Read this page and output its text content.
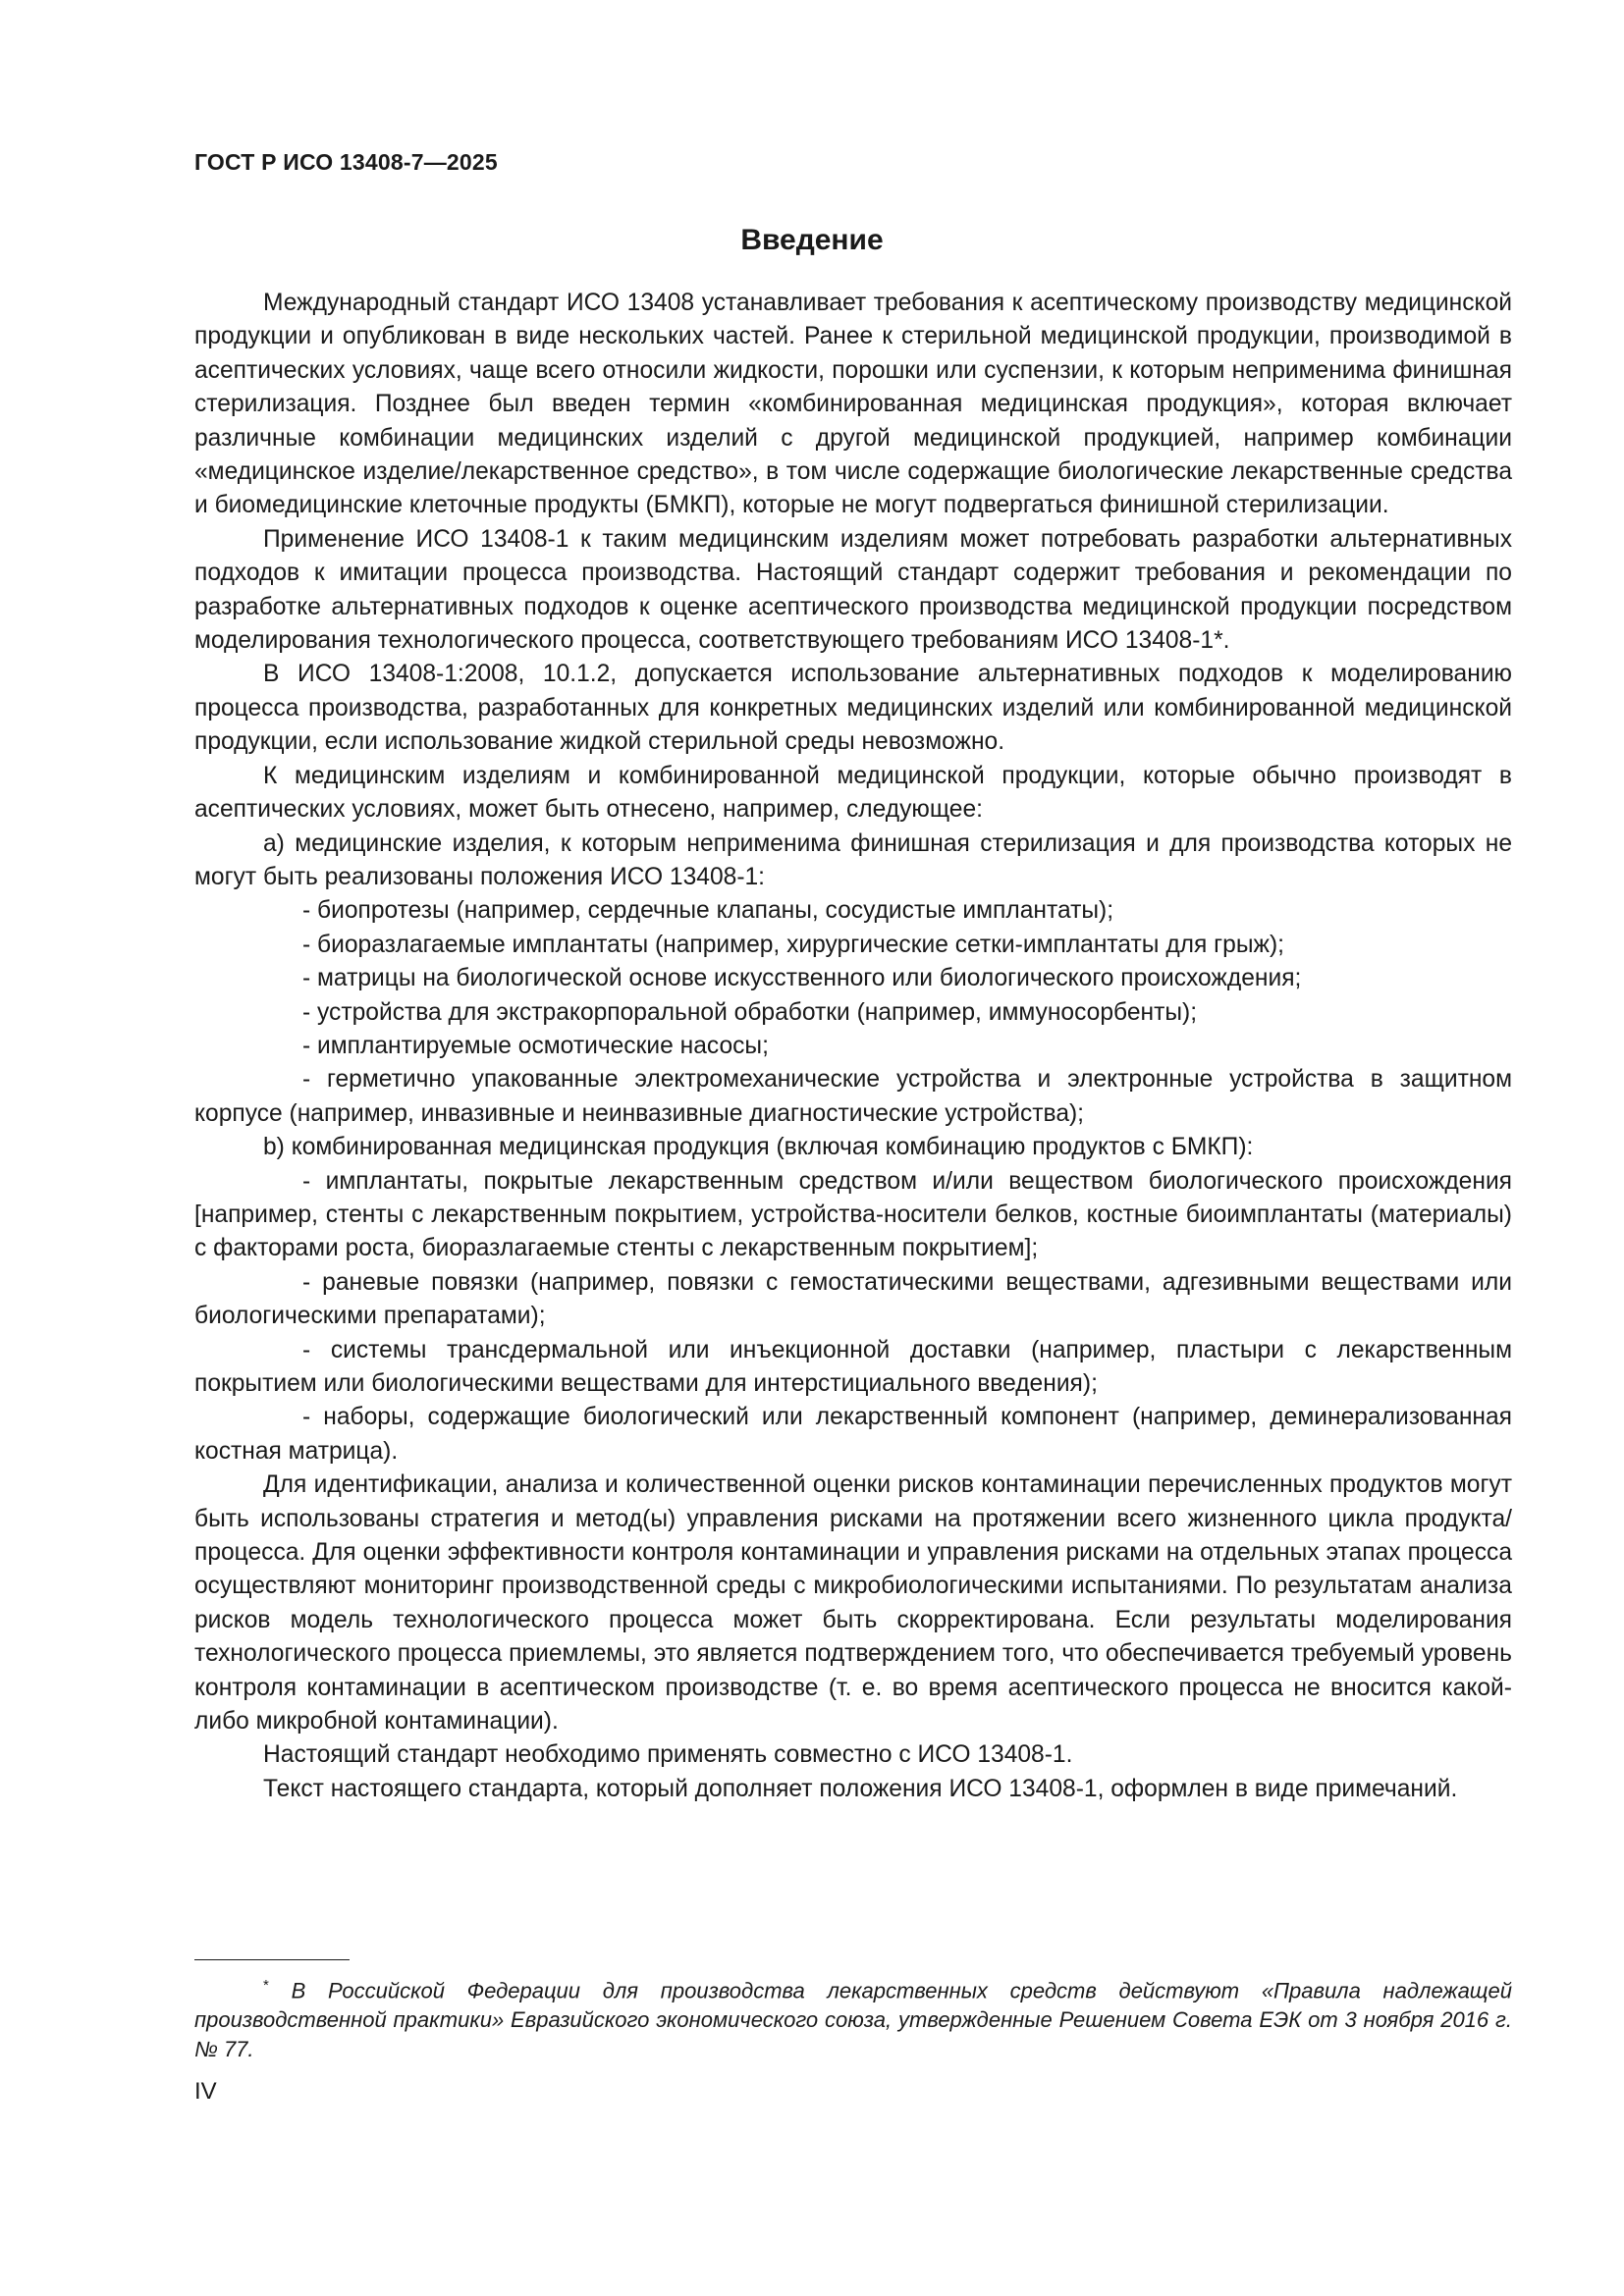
ГОСТ Р ИСО 13408-7—2025
Введение

Международный стандарт ИСО 13408 устанавливает требования к асептическому производству медицинской продукции и опубликован в виде нескольких частей. Ранее к стерильной медицинской продукции, производимой в асептических условиях, чаще всего относили жидкости, порошки или суспензии, к которым неприменима финишная стерилизация. Позднее был введен термин «комбинированная медицинская продукция», которая включает различные комбинации медицинских изделий с другой медицинской продукцией, например комбинации «медицинское изделие/лекарственное средство», в том числе содержащие биологические лекарственные средства и биомедицинские клеточные продукты (БМКП), которые не могут подвергаться финишной стерилизации.

Применение ИСО 13408-1 к таким медицинским изделиям может потребовать разработки альтернативных подходов к имитации процесса производства. Настоящий стандарт содержит требования и рекомендации по разработке альтернативных подходов к оценке асептического производства медицинской продукции посредством моделирования технологического процесса, соответствующего требованиям ИСО 13408-1*.

В ИСО 13408-1:2008, 10.1.2, допускается использование альтернативных подходов к моделированию процесса производства, разработанных для конкретных медицинских изделий или комбинированной медицинской продукции, если использование жидкой стерильной среды невозможно.

К медицинским изделиям и комбинированной медицинской продукции, которые обычно производят в асептических условиях, может быть отнесено, например, следующее:

a) медицинские изделия, к которым неприменима финишная стерилизация и для производства которых не могут быть реализованы положения ИСО 13408-1:

- биопротезы (например, сердечные клапаны, сосудистые имплантаты);

- биоразлагаемые имплантаты (например, хирургические сетки-имплантаты для грыж);

- матрицы на биологической основе искусственного или биологического происхождения;

- устройства для экстракорпоральной обработки (например, иммуносорбенты);

- имплантируемые осмотические насосы;

- герметично упакованные электромеханические устройства и электронные устройства в защитном корпусе (например, инвазивные и неинвазивные диагностические устройства);

b) комбинированная медицинская продукция (включая комбинацию продуктов с БМКП):

- имплантаты, покрытые лекарственным средством и/или веществом биологического происхождения [например, стенты с лекарственным покрытием, устройства-носители белков, костные биоимплантаты (материалы) с факторами роста, биоразлагаемые стенты с лекарственным покрытием];

- раневые повязки (например, повязки с гемостатическими веществами, адгезивными веществами или биологическими препаратами);

- системы трансдермальной или инъекционной доставки (например, пластыри с лекарственным покрытием или биологическими веществами для интерстициального введения);

- наборы, содержащие биологический или лекарственный компонент (например, деминерализованная костная матрица).

Для идентификации, анализа и количественной оценки рисков контаминации перечисленных продуктов могут быть использованы стратегия и метод(ы) управления рисками на протяжении всего жизненного цикла продукта/процесса. Для оценки эффективности контроля контаминации и управления рисками на отдельных этапах процесса осуществляют мониторинг производственной среды с микробиологическими испытаниями. По результатам анализа рисков модель технологического процесса может быть скорректирована. Если результаты моделирования технологического процесса приемлемы, это является подтверждением того, что обеспечивается требуемый уровень контроля контаминации в асептическом производстве (т. е. во время асептического процесса не вносится какой-либо микробной контаминации).

Настоящий стандарт необходимо применять совместно с ИСО 13408-1.

Текст настоящего стандарта, который дополняет положения ИСО 13408-1, оформлен в виде примечаний.

* В Российской Федерации для производства лекарственных средств действуют «Правила надлежащей производственной практики» Евразийского экономического союза, утвержденные Решением Совета ЕЭК от 3 ноября 2016 г. № 77.

IV
